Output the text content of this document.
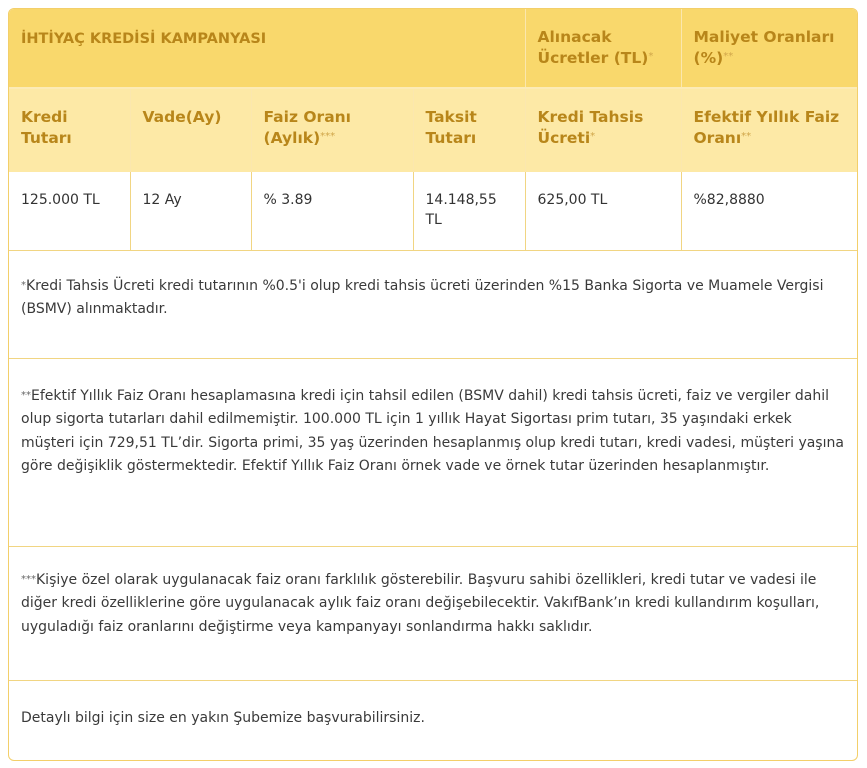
İHTİYAÇ KREDİSİ KAMPANYASI				Alınacak Ücretler (TL)*	Maliyet Oranları (%)**
Kredi Tutarı	Vade(Ay)	Faiz Oranı (Aylık)***	Taksit Tutarı	Kredi Tahsis Ücreti*	Efektif Yıllık Faiz Oranı**
125.000 TL	12 Ay	% 3.89	14.148,55 TL	625,00 TL	%82,8880
*Kredi Tahsis Ücreti kredi tutarının %0.5'i olup kredi tahsis ücreti üzerinden %15 Banka Sigorta ve Muamele Vergisi (BSMV) alınmaktadır.					
**Efektif Yıllık Faiz Oranı hesaplamasına kredi için tahsil edilen (BSMV dahil) kredi tahsis ücreti, faiz ve vergiler dahil olup sigorta tutarları dahil edilmemiştir. 100.000 TL için 1 yıllık Hayat Sigortası prim tutarı, 35 yaşındaki erkek müşteri için 729,51 TL’dir. Sigorta primi, 35 yaş üzerinden hesaplanmış olup kredi tutarı, kredi vadesi, müşteri yaşına göre değişiklik göstermektedir. Efektif Yıllık Faiz Oranı örnek vade ve örnek tutar üzerinden hesaplanmıştır.					
***Kişiye özel olarak uygulanacak faiz oranı farklılık gösterebilir. Başvuru sahibi özellikleri, kredi tutar ve vadesi ile diğer kredi özelliklerine göre uygulanacak aylık faiz oranı değişebilecektir. VakıfBank’ın kredi kullandırım koşulları, uyguladığı faiz oranlarını değiştirme veya kampanyayı sonlandırma hakkı saklıdır.					
Detaylı bilgi için size en yakın Şubemize başvurabilirsiniz.					
